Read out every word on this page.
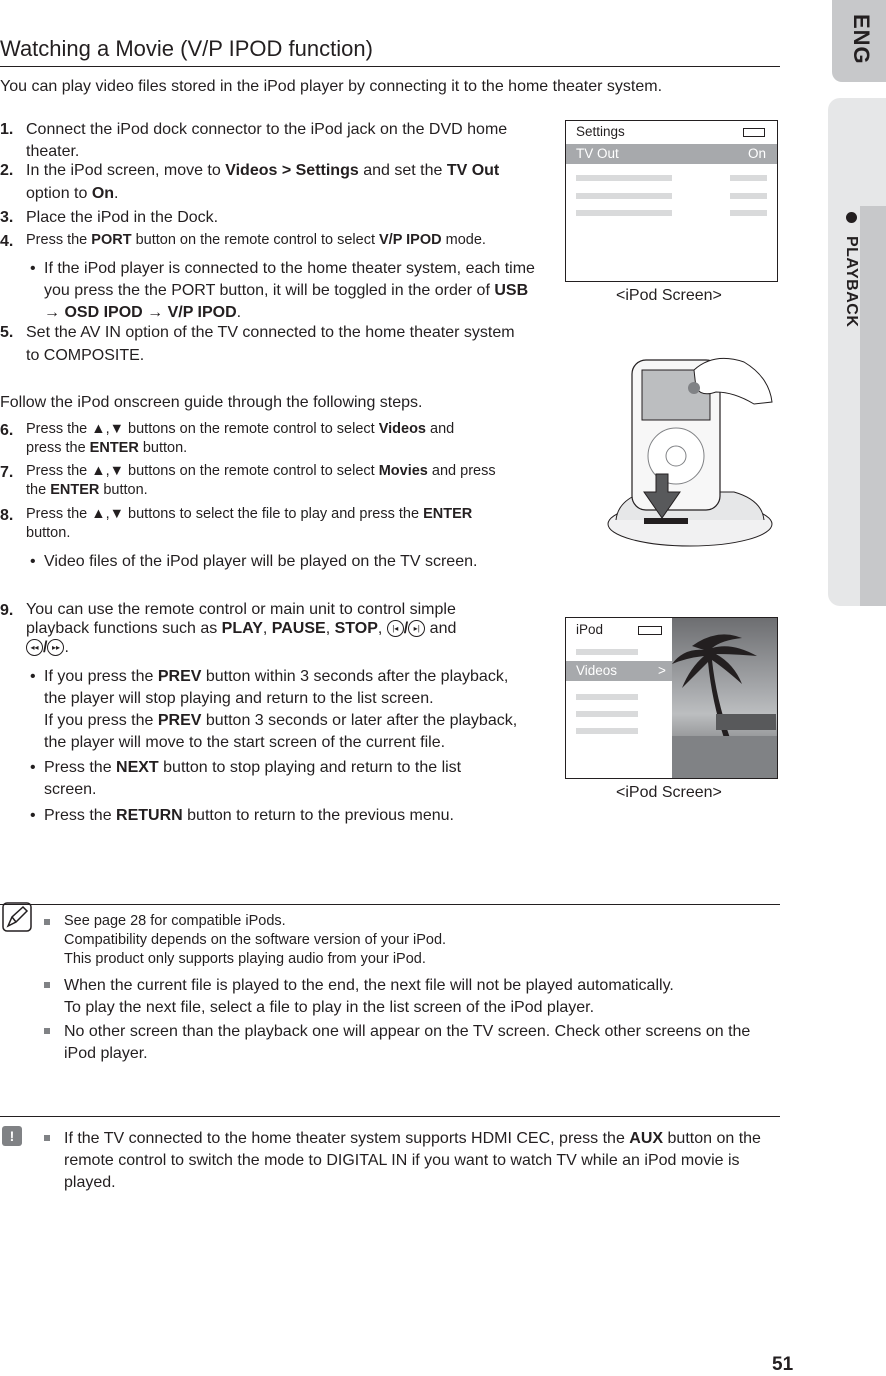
ENG
PLAYBACK
Watching a Movie (V/P IPOD function)
You can play video files stored in the iPod player by connecting it to the home theater system.
1. Connect the iPod dock connector to the iPod jack on the DVD home theater.
2. In the iPod screen, move to Videos > Settings and set the TV Out
option to On.
3. Place the iPod in the Dock.
4. Press the PORT button on the remote control to select V/P IPOD mode.
• If the iPod player is connected to the home theater system, each time you press the the PORT button, it will be toggled in the order of USB → OSD IPOD → V/P IPOD.
5. Set the AV IN option of the TV connected to the home theater system
to COMPOSITE.
Follow the iPod onscreen guide through the following steps.
6. Press the ▲,▼ buttons on the remote control to select Videos and
press the ENTER button.
7. Press the ▲,▼ buttons on the remote control to select Movies and press
the ENTER button.
8. Press the ▲,▼ buttons to select the file to play and press the ENTER
button.
• Video files of the iPod player will be played on the TV screen.
9. You can use the remote control or main unit to control simple
playback functions such as PLAY, PAUSE, STOP, |◂ / ▸| and
◂◂ / ▸▸ .
• If you press the PREV button within 3 seconds after the playback,
the player will stop playing and return to the list screen.
If you press the PREV button 3 seconds or later after the playback,
the player will move to the start screen of the current file.
• Press the NEXT button to stop playing and return to the list
screen.
• Press the RETURN button to return to the previous menu.
Settings
TV Out	On
<iPod Screen>
iPod
Videos	>
<iPod Screen>
See page 28 for compatible iPods.
Compatibility depends on the software version of your iPod.
This product only supports playing audio from your iPod.
When the current file is played to the end, the next file will not be played automatically.
To play the next file, select a file to play in the list screen of the iPod player.
No other screen than the playback one will appear on the TV screen. Check other screens on the iPod player.
!	If the TV connected to the home theater system supports HDMI CEC, press the AUX button on the remote control to switch the mode to DIGITAL IN if you want to watch TV while an iPod movie is played.
51
